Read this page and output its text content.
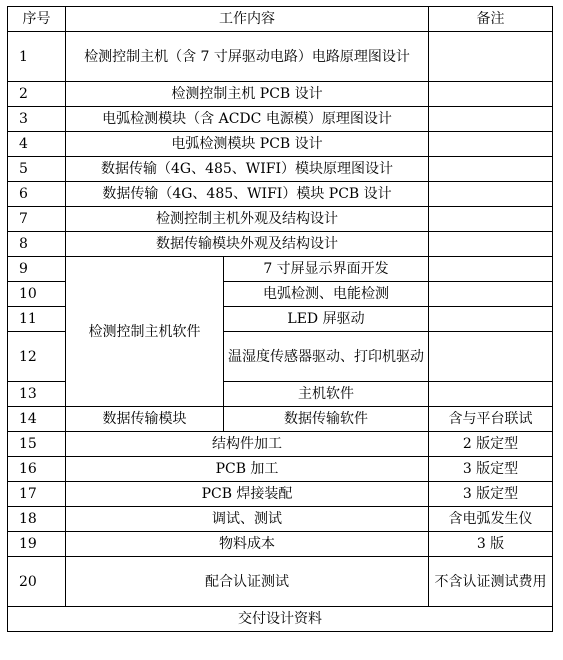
序号	工作内容		备注
1	检测控制主机（含 7 寸屏驱动电路）电路原理图设计		
2	检测控制主机 PCB 设计		
3	电弧检测模块（含 ACDC 电源模）原理图设计		
4	电弧检测模块 PCB 设计		
5	数据传输（4G、485、WIFI）模块原理图设计		
6	数据传输（4G、485、WIFI）模块 PCB 设计		
7	检测控制主机外观及结构设计		
8	数据传输模块外观及结构设计		
9	检测控制主机软件	7 寸屏显示界面开发	
10		电弧检测、电能检测	
11		LED 屏驱动	
12		温湿度传感器驱动、打印机驱动	
13		主机软件	
14	数据传输模块	数据传输软件	含与平台联试
15	结构件加工		2 版定型
16	PCB 加工		3 版定型
17	PCB 焊接装配		3 版定型
18	调试、测试		含电弧发生仪
19	物料成本		3 版
20	配合认证测试		不含认证测试费用
交付设计资料			
